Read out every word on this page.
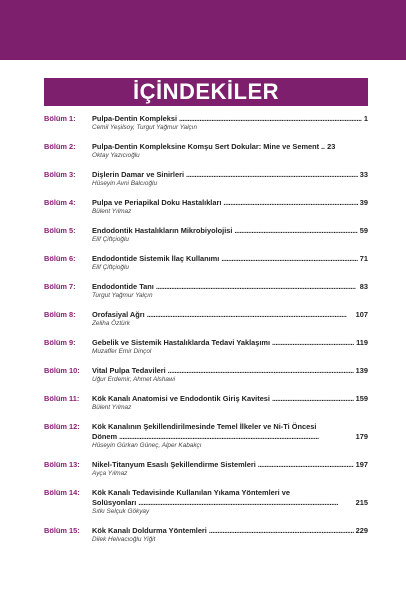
İÇİNDEKİLER
Bölüm 1:	Pulpa-Dentin Kompleksi . . .	1
Cemil Yeşilsoy, Turgut Yağmur Yalçın
Bölüm 2:	Pulpa-Dentin Kompleksine Komşu Sert Dokular: Mine ve Sement . . . 23
Oktay Yazıcıoğlu
Bölüm 3:	Dişlerin Damar ve Sinirleri . . .	33
Hüseyin Avni Balcıoğlu
Bölüm 4:	Pulpa ve Periapikal Doku Hastalıkları . . .	39
Bülent Yılmaz
Bölüm 5:	Endodontik Hastalıkların Mikrobiyolojisi . . .	59
Elif Çiftçioğlu
Bölüm 6:	Endodontide Sistemik İlaç Kullanımı . . .	71
Elif Çiftçioğlu
Bölüm 7:	Endodontide Tanı . . .	83
Turgut Yağmur Yalçın
Bölüm 8:	Orofasiyal Ağrı . . .	107
Zeliha Öztürk
Bölüm 9:	Gebelik ve Sistemik Hastalıklarda Tedavi Yaklaşımı . . .	119
Muzaffer Emir Dinçol
Bölüm 10:	Vital Pulpa Tedavileri . . .	139
Uğur Erdemir, Ahmet Alshawi
Bölüm 11:	Kök Kanalı Anatomisi ve Endodontik Giriş Kavitesi . . .	159
Bülent Yılmaz
Bölüm 12:	Kök Kanalının Şekillendirilmesinde Temel İlkeler ve Ni-Ti Öncesi
Dönem . . .	179
Hüseyin Gürkan Güneç, Alper Kabakçı
Bölüm 13:	Nikel-Titanyum Esaslı Şekillendirme Sistemleri . . .	197
Ayça Yılmaz
Bölüm 14:	Kök Kanalı Tedavisinde Kullanılan Yıkama Yöntemleri ve
Solüsyonları . . .	215
Sıtkı Selçuk Gökyay
Bölüm 15:	Kök Kanalı Doldurma Yöntemleri . . .	229
Dilek Helvacıoğlu Yiğit
